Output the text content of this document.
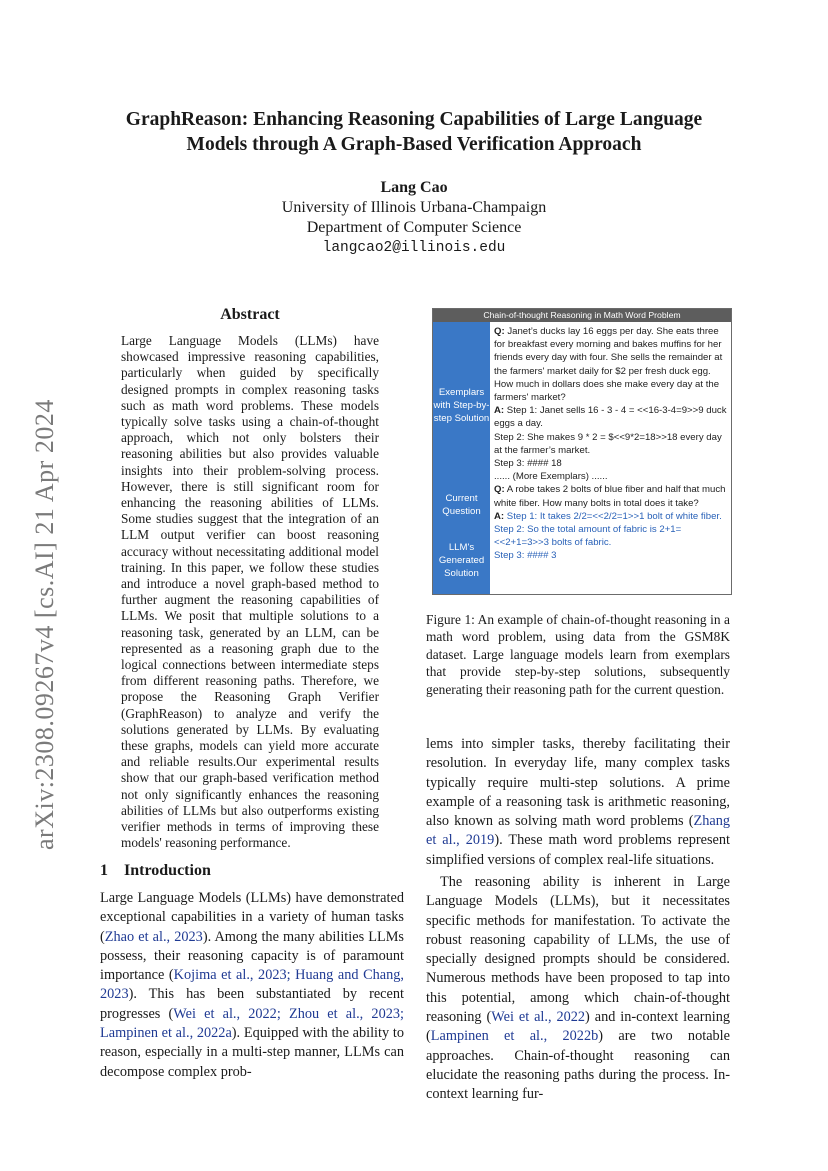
GraphReason: Enhancing Reasoning Capabilities of Large Language
Models through A Graph-Based Verification Approach
Lang Cao
University of Illinois Urbana-Champaign
Department of Computer Science
langcao2@illinois.edu
arXiv:2308.09267v4 [cs.AI] 21 Apr 2024
Abstract
Large Language Models (LLMs) have showcased impressive reasoning capabilities, particularly when guided by specifically designed prompts in complex reasoning tasks such as math word problems. These models typically solve tasks using a chain-of-thought approach, which not only bolsters their reasoning abilities but also provides valuable insights into their problem-solving process. However, there is still significant room for enhancing the reasoning abilities of LLMs. Some studies suggest that the integration of an LLM output verifier can boost reasoning accuracy without necessitating additional model training. In this paper, we follow these studies and introduce a novel graph-based method to further augment the reasoning capabilities of LLMs. We posit that multiple solutions to a reasoning task, generated by an LLM, can be represented as a reasoning graph due to the logical connections between intermediate steps from different reasoning paths. Therefore, we propose the Reasoning Graph Verifier (GraphReason) to analyze and verify the solutions generated by LLMs. By evaluating these graphs, models can yield more accurate and reliable results.Our experimental results show that our graph-based verification method not only significantly enhances the reasoning abilities of LLMs but also outperforms existing verifier methods in terms of improving these models' reasoning performance.
1 Introduction

Large Language Models (LLMs) have demonstrated exceptional capabilities in a variety of human tasks (Zhao et al., 2023). Among the many abilities LLMs possess, their reasoning capacity is of paramount importance (Kojima et al., 2023; Huang and Chang, 2023). This has been substantiated by recent progresses (Wei et al., 2022; Zhou et al., 2023; Lampinen et al., 2022a). Equipped with the ability to reason, especially in a multi-step manner, LLMs can decompose complex prob-

Chain-of-thought Reasoning in Math Word Problem
Exemplars with Step-by-step Solution
Current Question
LLM's Generated Solution
Q: Janet’s ducks lay 16 eggs per day. She eats three for breakfast every morning and bakes muffins for her friends every day with four. She sells the remainder at the farmers' market daily for $2 per fresh duck egg. How much in dollars does she make every day at the farmers' market?
A: Step 1: Janet sells 16 - 3 - 4 = <<16-3-4=9>>9 duck eggs a day.
Step 2: She makes 9 * 2 = $<<9*2=18>>18 every day at the farmer’s market.
Step 3: #### 18
...... (More Exemplars) ......
Q: A robe takes 2 bolts of blue fiber and half that much white fiber. How many bolts in total does it take?
A: Step 1: It takes 2/2=<<2/2=1>>1 bolt of white fiber.
Step 2: So the total amount of fabric is 2+1=<<2+1=3>>3 bolts of fabric.
Step 3: #### 3
Figure 1: An example of chain-of-thought reasoning in a math word problem, using data from the GSM8K dataset. Large language models learn from exemplars that provide step-by-step solutions, subsequently generating their reasoning path for the current question.

lems into simpler tasks, thereby facilitating their resolution. In everyday life, many complex tasks typically require multi-step solutions. A prime example of a reasoning task is arithmetic reasoning, also known as solving math word problems (Zhang et al., 2019). These math word problems represent simplified versions of complex real-life situations.

The reasoning ability is inherent in Large Language Models (LLMs), but it necessitates specific methods for manifestation. To activate the robust reasoning capability of LLMs, the use of specially designed prompts should be considered. Numerous methods have been proposed to tap into this potential, among which chain-of-thought reasoning (Wei et al., 2022) and in-context learning (Lampinen et al., 2022b) are two notable approaches. Chain-of-thought reasoning can elucidate the reasoning paths during the process. In-context learning fur-
